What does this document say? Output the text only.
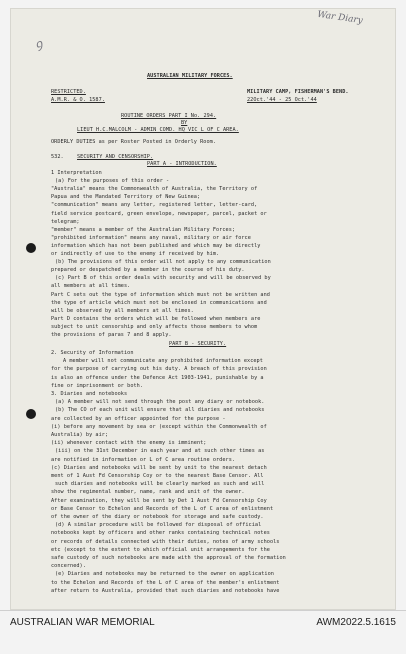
War Diary
ꝯ
AUSTRALIAN MILITARY FORCES.
RESTRICTED.
A.M.R. & O. 1587.
MILITARY CAMP, FISHERMAN'S BEND.
22Oct.'44 - 25 Oct.'44
ROUTINE ORDERS PART I No. 294.
BY
LIEUT H.C.MALCOLM - ADMIN COMD. HQ VIC L OF C AREA.
ORDERLY DUTIES as per Roster Posted in Orderly Room.
532.	SECURITY AND CENSORSHIP.
PART A - INTRODUCTION.
1 Interpretation
(a) For the purposes of this order -
"Australia" means the Commonwealth of Australia, the Territory of
Papua and the Mandated Territory of New Guinea;
"communication" means any letter, registered letter, letter-card,
field service postcard, green envelope, newspaper, parcel, packet or
telegram;
"member" means a member of the Australian Military Forces;
"prohibited information" means any naval, military or air force
information which has not been published and which may be directly
or indirectly of use to the enemy if received by him.
(b) The provisions of this order will not apply to any communication
prepared or despatched by a member in the course of his duty.
(c) Part B of this order deals with security and will be observed by
all members at all times.
Part C sets out the type of information which must not be written and
the type of article which must not be enclosed in communications and
will be observed by all members at all times.
Part D contains the orders which will be followed when members are
subject to unit censorship and only affects those members to whom
the provisions of paras 7 and 8 apply.
PART B - SECURITY.
2. Security of Information
A member will not communicate any prohibited information except
for the purpose of carrying out his duty. A breach of this provision
is also an offence under the Defence Act 1903-1941, punishable by a
fine or imprisonment or both.
3. Diaries and notebooks
(a) A member will not send through the post any diary or notebook.
(b) The CO of each unit will ensure that all diaries and notebooks
are collected by an officer appointed for the purpose -
(i) before any movement by sea or (except within the Commonwealth of
Australia) by air;
(ii) whenever contact with the enemy is imminent;
(iii) on the 31st December in each year and at such other times as
are notified in information or L of C area routine orders.
(c) Diaries and notebooks will be sent by unit to the nearest detach
ment of 1 Aust Fd Censorship Coy or to the nearest Base Censor. All
such diaries and notebooks will be clearly marked as such and will
show the regimental number, name, rank and unit of the owner.
After examination, they will be sent by Det 1 Aust Fd Censorship Coy
or Base Censor to Echelon and Records of the L of C area of enlistment
of the owner of the diary or notebook for storage and safe custody.
(d) A similar procedure will be followed for disposal of official
notebooks kept by officers and other ranks containing technical notes
or records of details connected with their duties, notes of army schools
etc (except to the extent to which official unit arrangements for the
safe custody of such notebooks are made with the approval of the formation
concerned).
(e) Diaries and notebooks may be returned to the owner on application
to the Echelon and Records of the L of C area of the member's enlistment
after return to Australia, provided that such diaries and notebooks have
AUSTRALIAN WAR MEMORIAL	AWM2022.5.1615
